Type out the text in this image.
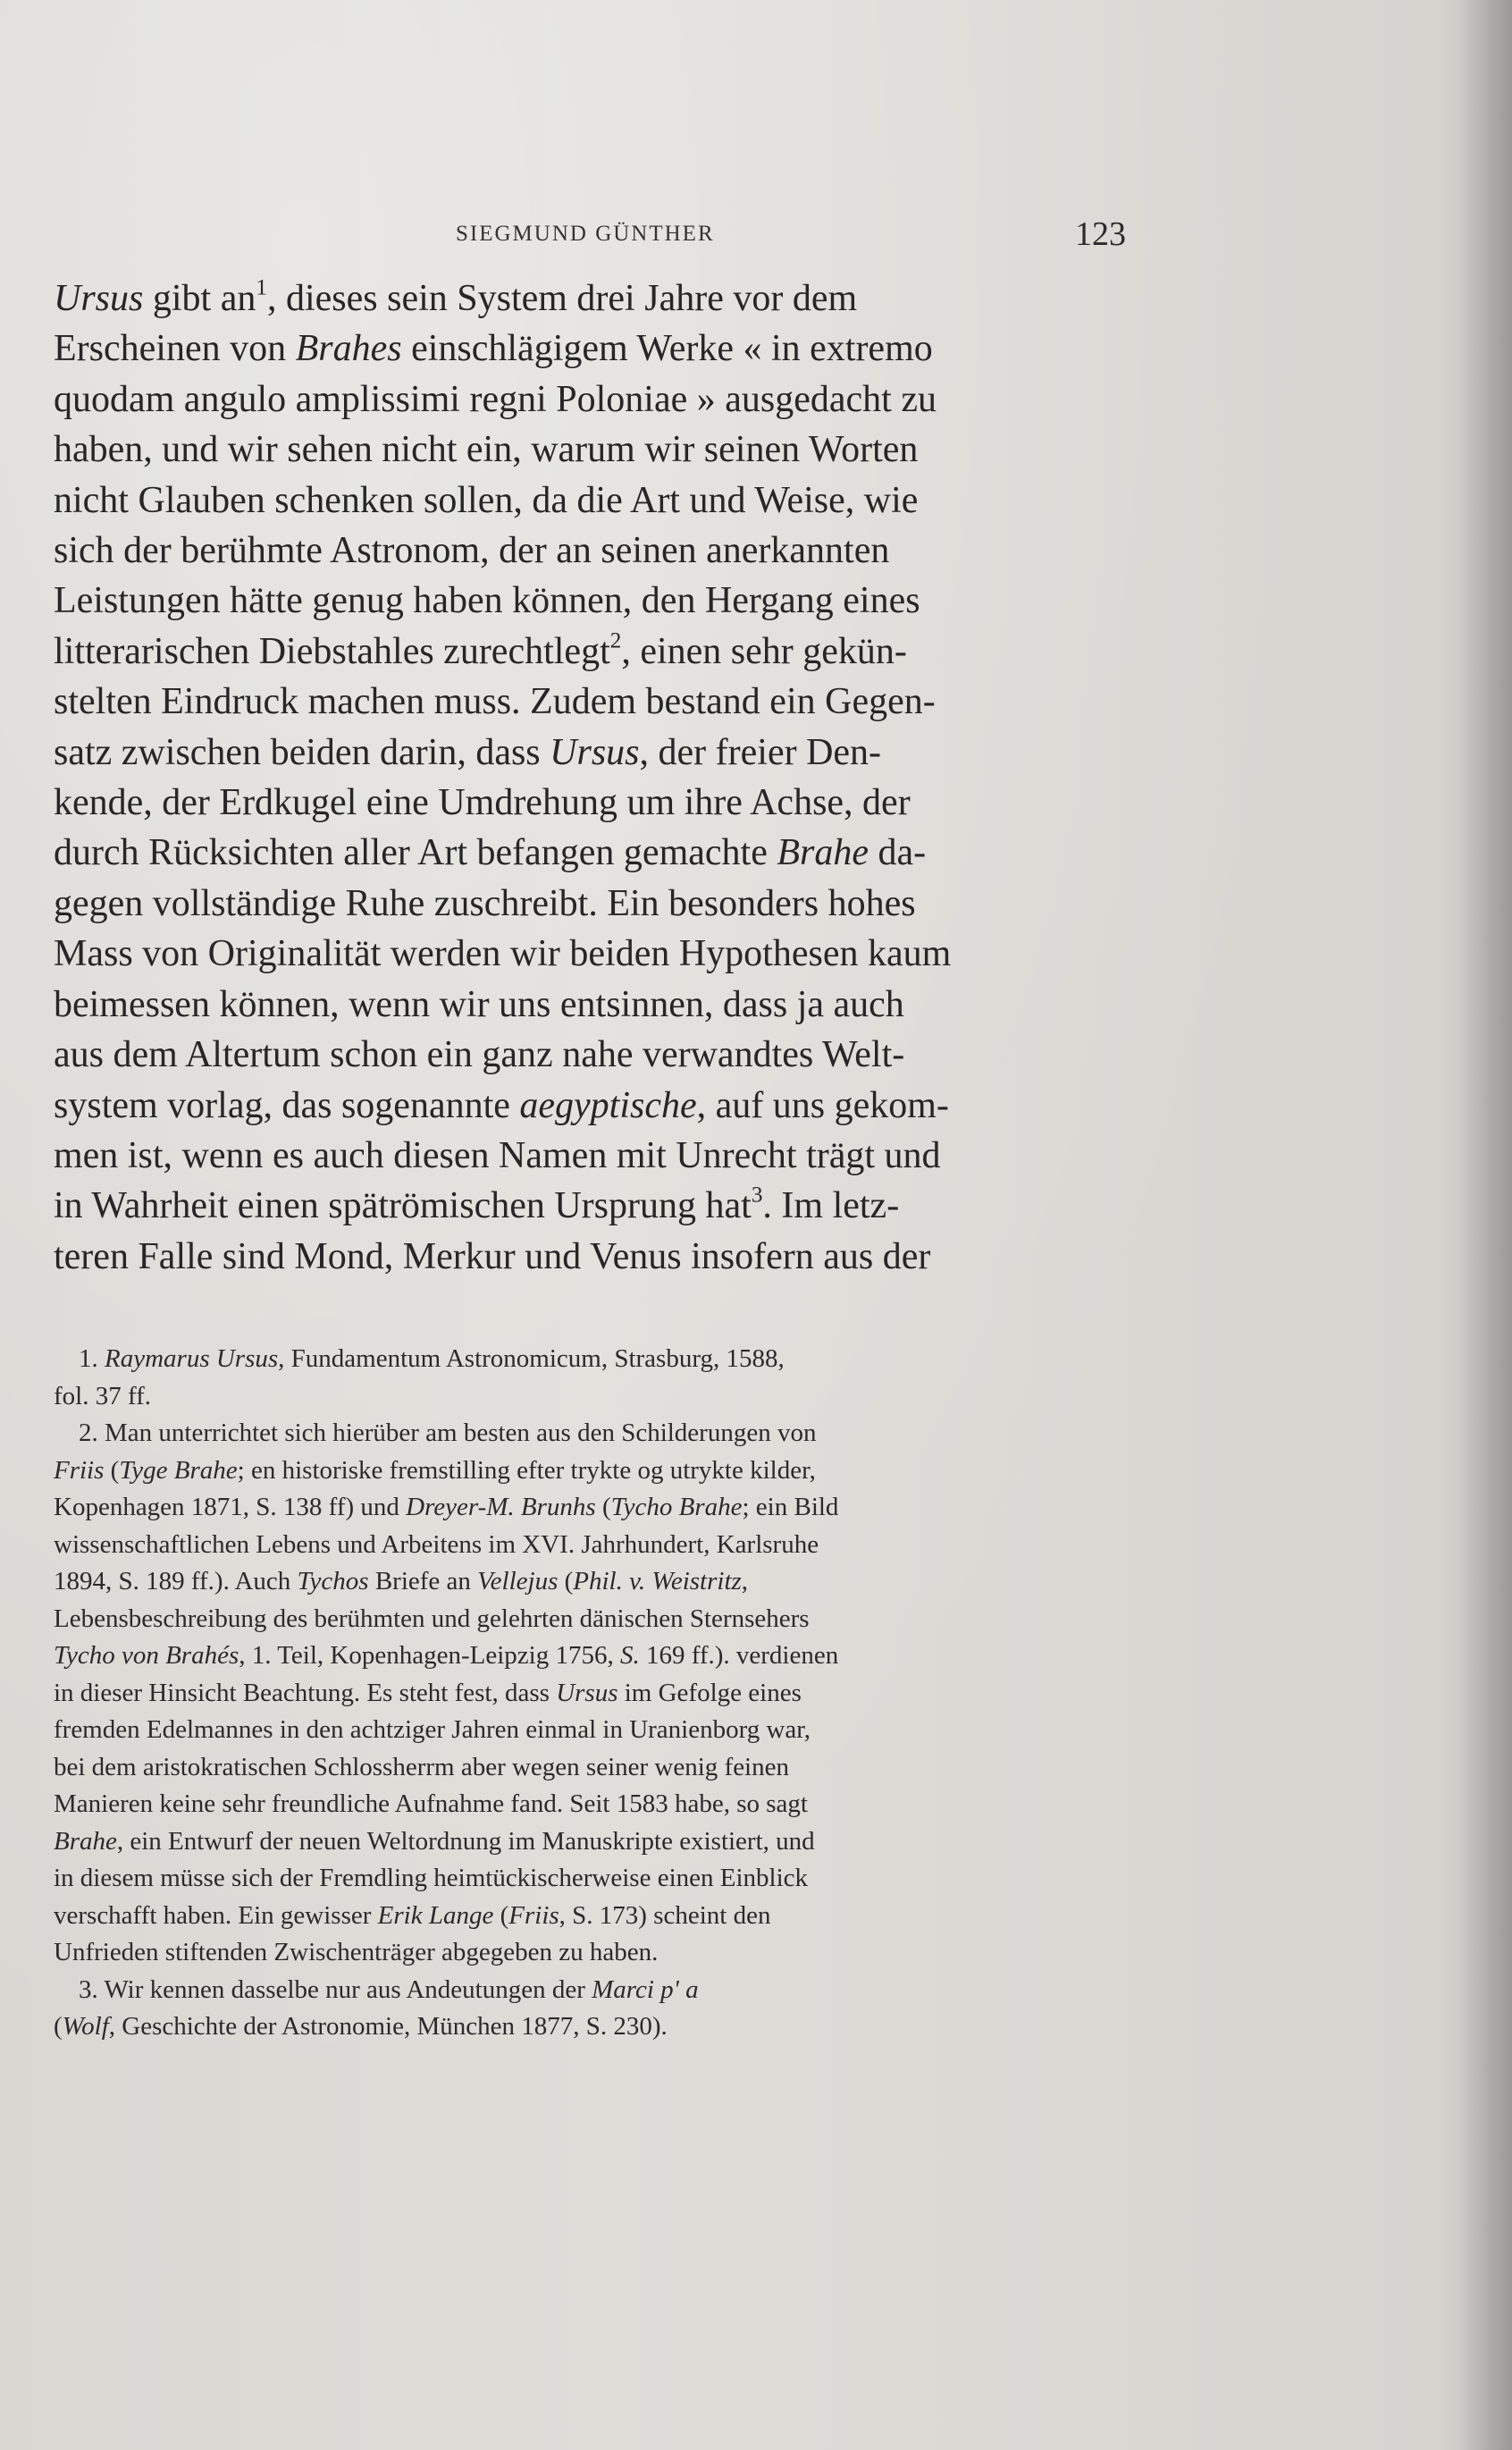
SIEGMUND GÜNTHER	123
Ursus gibt $an^1$, dieses sein System drei Jahre vor dem
Erscheinen von Brahes einschlägigem Werke « in extremo
quodam angulo amplissimi regni Poloniae » ausgedacht zu
haben, und wir sehen nicht ein, warum wir seinen Worten
nicht Glauben schenken sollen, da die Art und Weise, wie
sich der berühmte Astronom, der an seinen anerkannten
Leistungen hätte genug haben können, den Hergang eines
litterarischen Diebstahles zurechtlegt$^2$, einen sehr gekün-
stelten Eindruck machen muss. Zudem bestand ein Gegen-
satz zwischen beiden darin, dass Ursus, der freier Den-
kende, der Erdkugel eine Umdrehung um ihre Achse, der
durch Rücksichten aller Art befangen gemachte Brahe da-
gegen vollständige Ruhe zuschreibt. Ein besonders hohes
Mass von Originalität werden wir beiden Hypothesen kaum
beimessen können, wenn wir uns entsinnen, dass ja auch
aus dem Altertum schon ein ganz nahe verwandtes Welt-
system vorlag, das sogenannte aegyptische, auf uns gekom-
men ist, wenn es auch diesen Namen mit Unrecht trägt und
in Wahrheit einen spätrömischen Ursprung hat$^3$. Im letz-
teren Falle sind Mond, Merkur und Venus insofern aus der
1. Raymarus Ursus, Fundamentum Astronomicum, Strasburg, 1588,
fol. 37 ff.
2. Man unterrichtet sich hierüber am besten aus den Schilderungen von
Friis (Tyge Brahe; en historiske fremstilling efter trykte og utrykte kilder,
Kopenhagen 1871, S. 138 ff) und Dreyer-M. Brunhs (Tycho Brahe; ein Bild
wissenschaftlichen Lebens und Arbeitens im XVI. Jahrhundert, Karlsruhe
1894, S. 189 ff.). Auch Tychos Briefe an Vellejus (Phil. v. Weistritz,
Lebensbeschreibung des berühmten und gelehrten dänischen Sternsehers
Tycho von Brahés, 1. Teil, Kopenhagen-Leipzig 1756, S. 169 ff.). verdienen
in dieser Hinsicht Beachtung. Es steht fest, dass Ursus im Gefolge eines
fremden Edelmannes in den achtziger Jahren einmal in Uranienborg war,
bei dem aristokratischen Schlossherrm aber wegen seiner wenig feinen
Manieren keine sehr freundliche Aufnahme fand. Seit 1583 habe, so sagt
Brahe, ein Entwurf der neuen Weltordnung im Manuskripte existiert, und
in diesem müsse sich der Fremdling heimtückischerweise einen Einblick
verschafft haben. Ein gewisser Erik Lange (Friis, S. 173) scheint den
Unfrieden stiftenden Zwischenträger abgegeben zu haben.
3. Wir kennen dasselbe nur aus Andeutungen der Marci p' a
(Wolf, Geschichte der Astronomie, München 1877, S. 230).
